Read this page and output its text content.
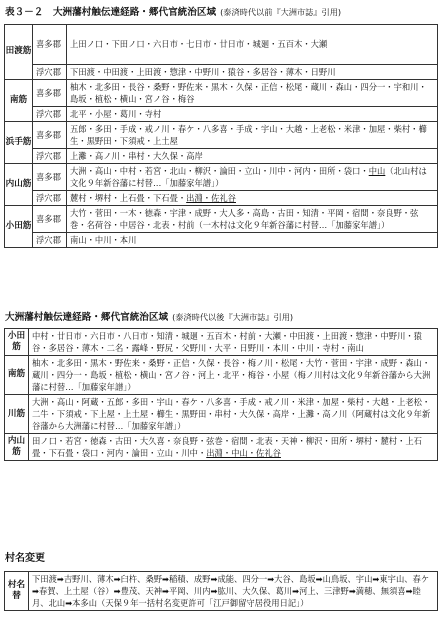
表３－２　大洲藩村触伝達経路・郷代官統治区域 (泰済時代以前『大洲市誌』引用)
田渡筋	喜多郡	上田ノ口・下田ノ口・六日市・七日市・廿日市・城廻・五百木・大瀬
	浮穴郡	下田渡・中田渡・上田渡・惣津・中野川・猿谷・多居谷・薄木・日野川
南筋	喜多郡	柚木・北多田・長谷・桑野・野佐来・黒木・久保・正信・松尾・蔵川・森山・四分一・宇和川・島坂・植松・横山・宮ノ谷・梅谷
	浮穴郡	北平・小屋・葛川・寺村
浜手筋	喜多郡	五郎・多田・手成・戒ノ川・春ケ・八多喜・手成・宇山・大越・上老松・米津・加屋・柴村・櫛生・黒野田・下須戒・上土屋
	浮穴郡	上灘・高ノ川・串村・大久保・高岸
内山筋	喜多郡	大洲・高山・中村・若宮・北山・柳沢・論田・立山・川中・河内・田所・袋口・中山（北山村は文化９年新谷藩に村替…「加藤家年譜」）
	浮穴郡	麓村・堺村・上石畳・下石畳・出淵・佐礼谷
小田筋	喜多郡	大竹・菅田・一木・徳森・宇津・成野・大人多・高島・古田・知清・平岡・宿間・奈良野・弦巻・名荷谷・中居谷・北表・村前（一木村は文化９年新谷藩に村替…「加藤家年譜」）
	浮穴郡	南山・中川・本川
大洲藩村触伝達経路・郷代官統治区域 (泰済時代以後『大洲市誌』引用)
小田筋	中村・廿日市・六日市・八日市・知清・城廻・五百木・村前・大瀬・中田渡・上田渡・惣津・中野川・猿谷・多居谷・薄木・二名・露峰・野尻・父野川・大平・日野川・本川・中川・寺村・南山
南筋	柚木・北多田・黒木・野佐来・桑野・正信・久保・長谷・梅ノ川・松尾・大竹・菅田・宇津・成野・森山・蔵川・四分一・島坂・植松・横山・宮ノ谷・河上・北平・梅谷・小屋（梅ノ川村は文化９年新谷藩から大洲藩に村替…「加藤家年譜」）
川筋	大洲・高山・阿蔵・五郎・多田・宇山・春ケ・八多喜・手成・戒ノ川・米津・加屋・柴村・大越・上老松・二牛・下須戒・下上屋・上土屋・櫛生・黒野田・串村・大久保・高岸・上灘・高ノ川（阿蔵村は文化９年新谷藩から大洲藩に村替…「加藤家年譜」）
内山筋	田ノ口・若宮・徳森・古田・大久喜・奈良野・弦巻・宿間・北表・天神・柳沢・田所・堺村・麓村・上石畳・下石畳・袋口・河内・論田・立山・川中・出淵・中山・佐礼谷
村名変更
村名替	下田渡➡吉野川、薄木➡臼杵、桑野➡稲積、成野➡成能、四分一➡大谷、島坂➡山鳥坂、宇山➡東宇山、春ケ➡春賀、上土屋（谷）➡豊茂、天神➡平岡、川内➡肱川、大久保、葛川➡河上、三津野➡満穂、無須喜➡睦月、北山➡本多山（天保９年一括村名変更許可「江戸御留守居役用日記」）
